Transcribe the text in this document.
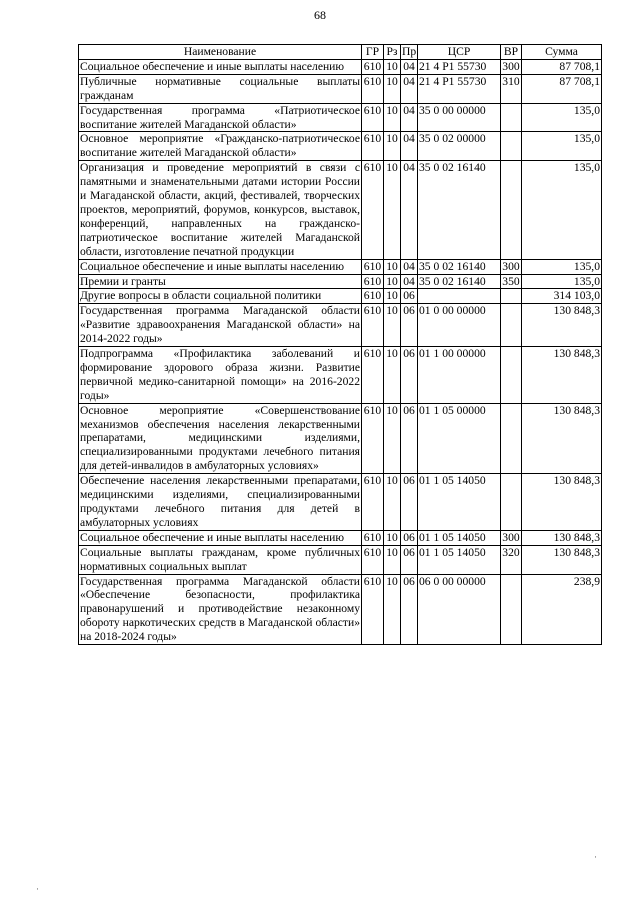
68
Наименование	ГР	Рз	Пр	ЦСР	ВР	Сумма
Социальное обеспечение и иные выплаты населению	610	10	04	21 4 P1 55730	300	87 708,1
Публичные нормативные социальные выплаты гражданам	610	10	04	21 4 P1 55730	310	87 708,1
Государственная программа «Патриотическое воспитание жителей Магаданской области»	610	10	04	35 0 00 00000		135,0
Основное мероприятие «Гражданско-патриотическое воспитание жителей Магаданской области»	610	10	04	35 0 02 00000		135,0
Организация и проведение мероприятий в связи с памятными и знаменательными датами истории России и Магаданской области, акций, фестивалей, творческих проектов, мероприятий, форумов, конкурсов, выставок, конференций, направленных на гражданско-патриотическое воспитание жителей Магаданской области, изготовление печатной продукции	610	10	04	35 0 02 16140		135,0
Социальное обеспечение и иные выплаты населению	610	10	04	35 0 02 16140	300	135,0
Премии и гранты	610	10	04	35 0 02 16140	350	135,0
Другие вопросы в области социальной политики	610	10	06			314 103,0
Государственная программа Магаданской области «Развитие здравоохранения Магаданской области» на 2014-2022 годы»	610	10	06	01 0 00 00000		130 848,3
Подпрограмма «Профилактика заболеваний и формирование здорового образа жизни. Развитие первичной медико-санитарной помощи» на 2016-2022 годы»	610	10	06	01 1 00 00000		130 848,3
Основное мероприятие «Совершенствование механизмов обеспечения населения лекарственными препаратами, медицинскими изделиями, специализированными продуктами лечебного питания для детей-инвалидов в амбулаторных условиях»	610	10	06	01 1 05 00000		130 848,3
Обеспечение населения лекарственными препаратами, медицинскими изделиями, специализированными продуктами лечебного питания для детей в амбулаторных условиях	610	10	06	01 1 05 14050		130 848,3
Социальное обеспечение и иные выплаты населению	610	10	06	01 1 05 14050	300	130 848,3
Социальные выплаты гражданам, кроме публичных нормативных социальных выплат	610	10	06	01 1 05 14050	320	130 848,3
Государственная программа Магаданской области «Обеспечение безопасности, профилактика правонарушений и противодействие незаконному обороту наркотических средств в Магаданской области» на 2018-2024 годы»	610	10	06	06 0 00 00000		238,9
·
·
